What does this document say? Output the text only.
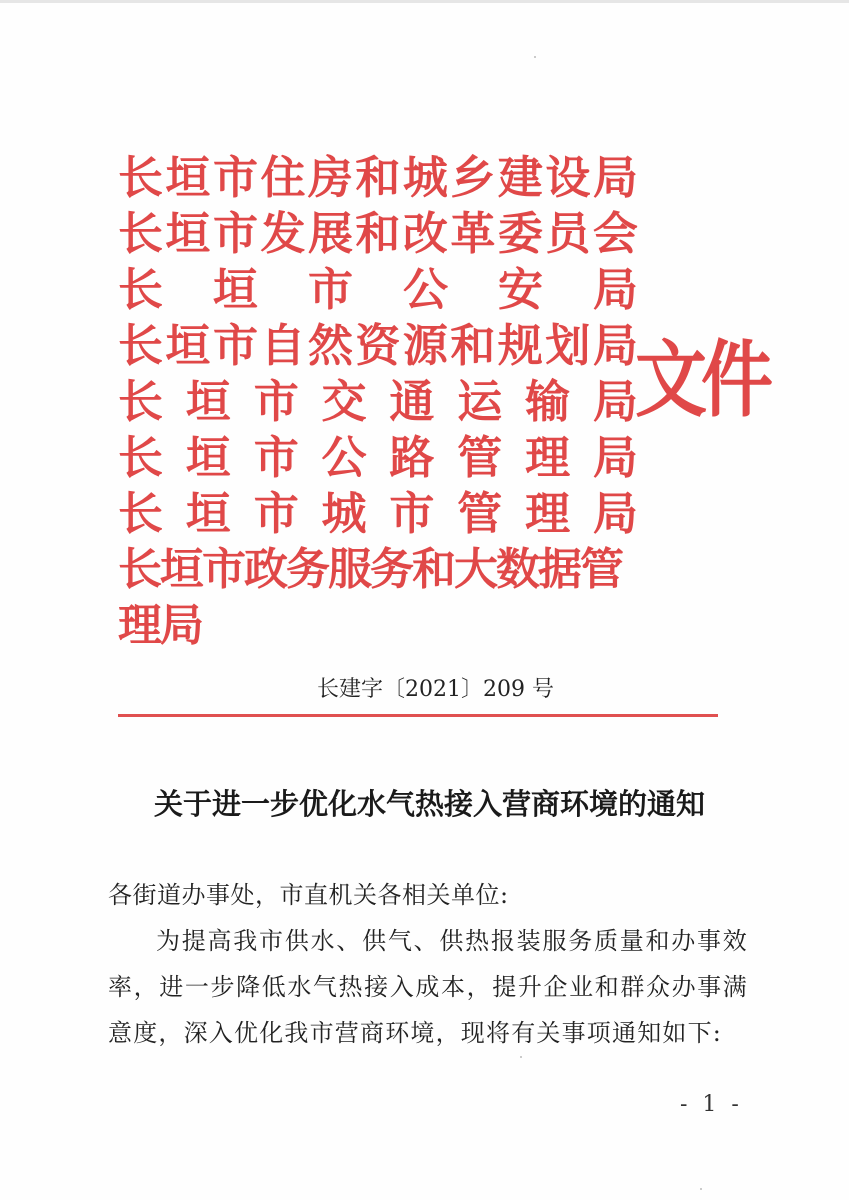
长 垣 市 住 房 和 城 乡 建 设 局
长 垣 市 发 展 和 改 革 委 员 会
长 垣 市 公 安 局
长 垣 市 自 然 资 源 和 规 划 局
长 垣 市 交 通 运 输 局
长 垣 市 公 路 管 理 局
长 垣 市 城 市 管 理 局
长垣市政务服务和大数据管理局
文件
长建字〔2021〕209 号
关于进一步优化水气热接入营商环境的通知
各街道办事处，市直机关各相关单位:
为提高我市供水、供气、供热报装服务质量和办事效率，进一步降低水气热接入成本，提升企业和群众办事满意度，深入优化我市营商环境，现将有关事项通知如下:
- 1 -
